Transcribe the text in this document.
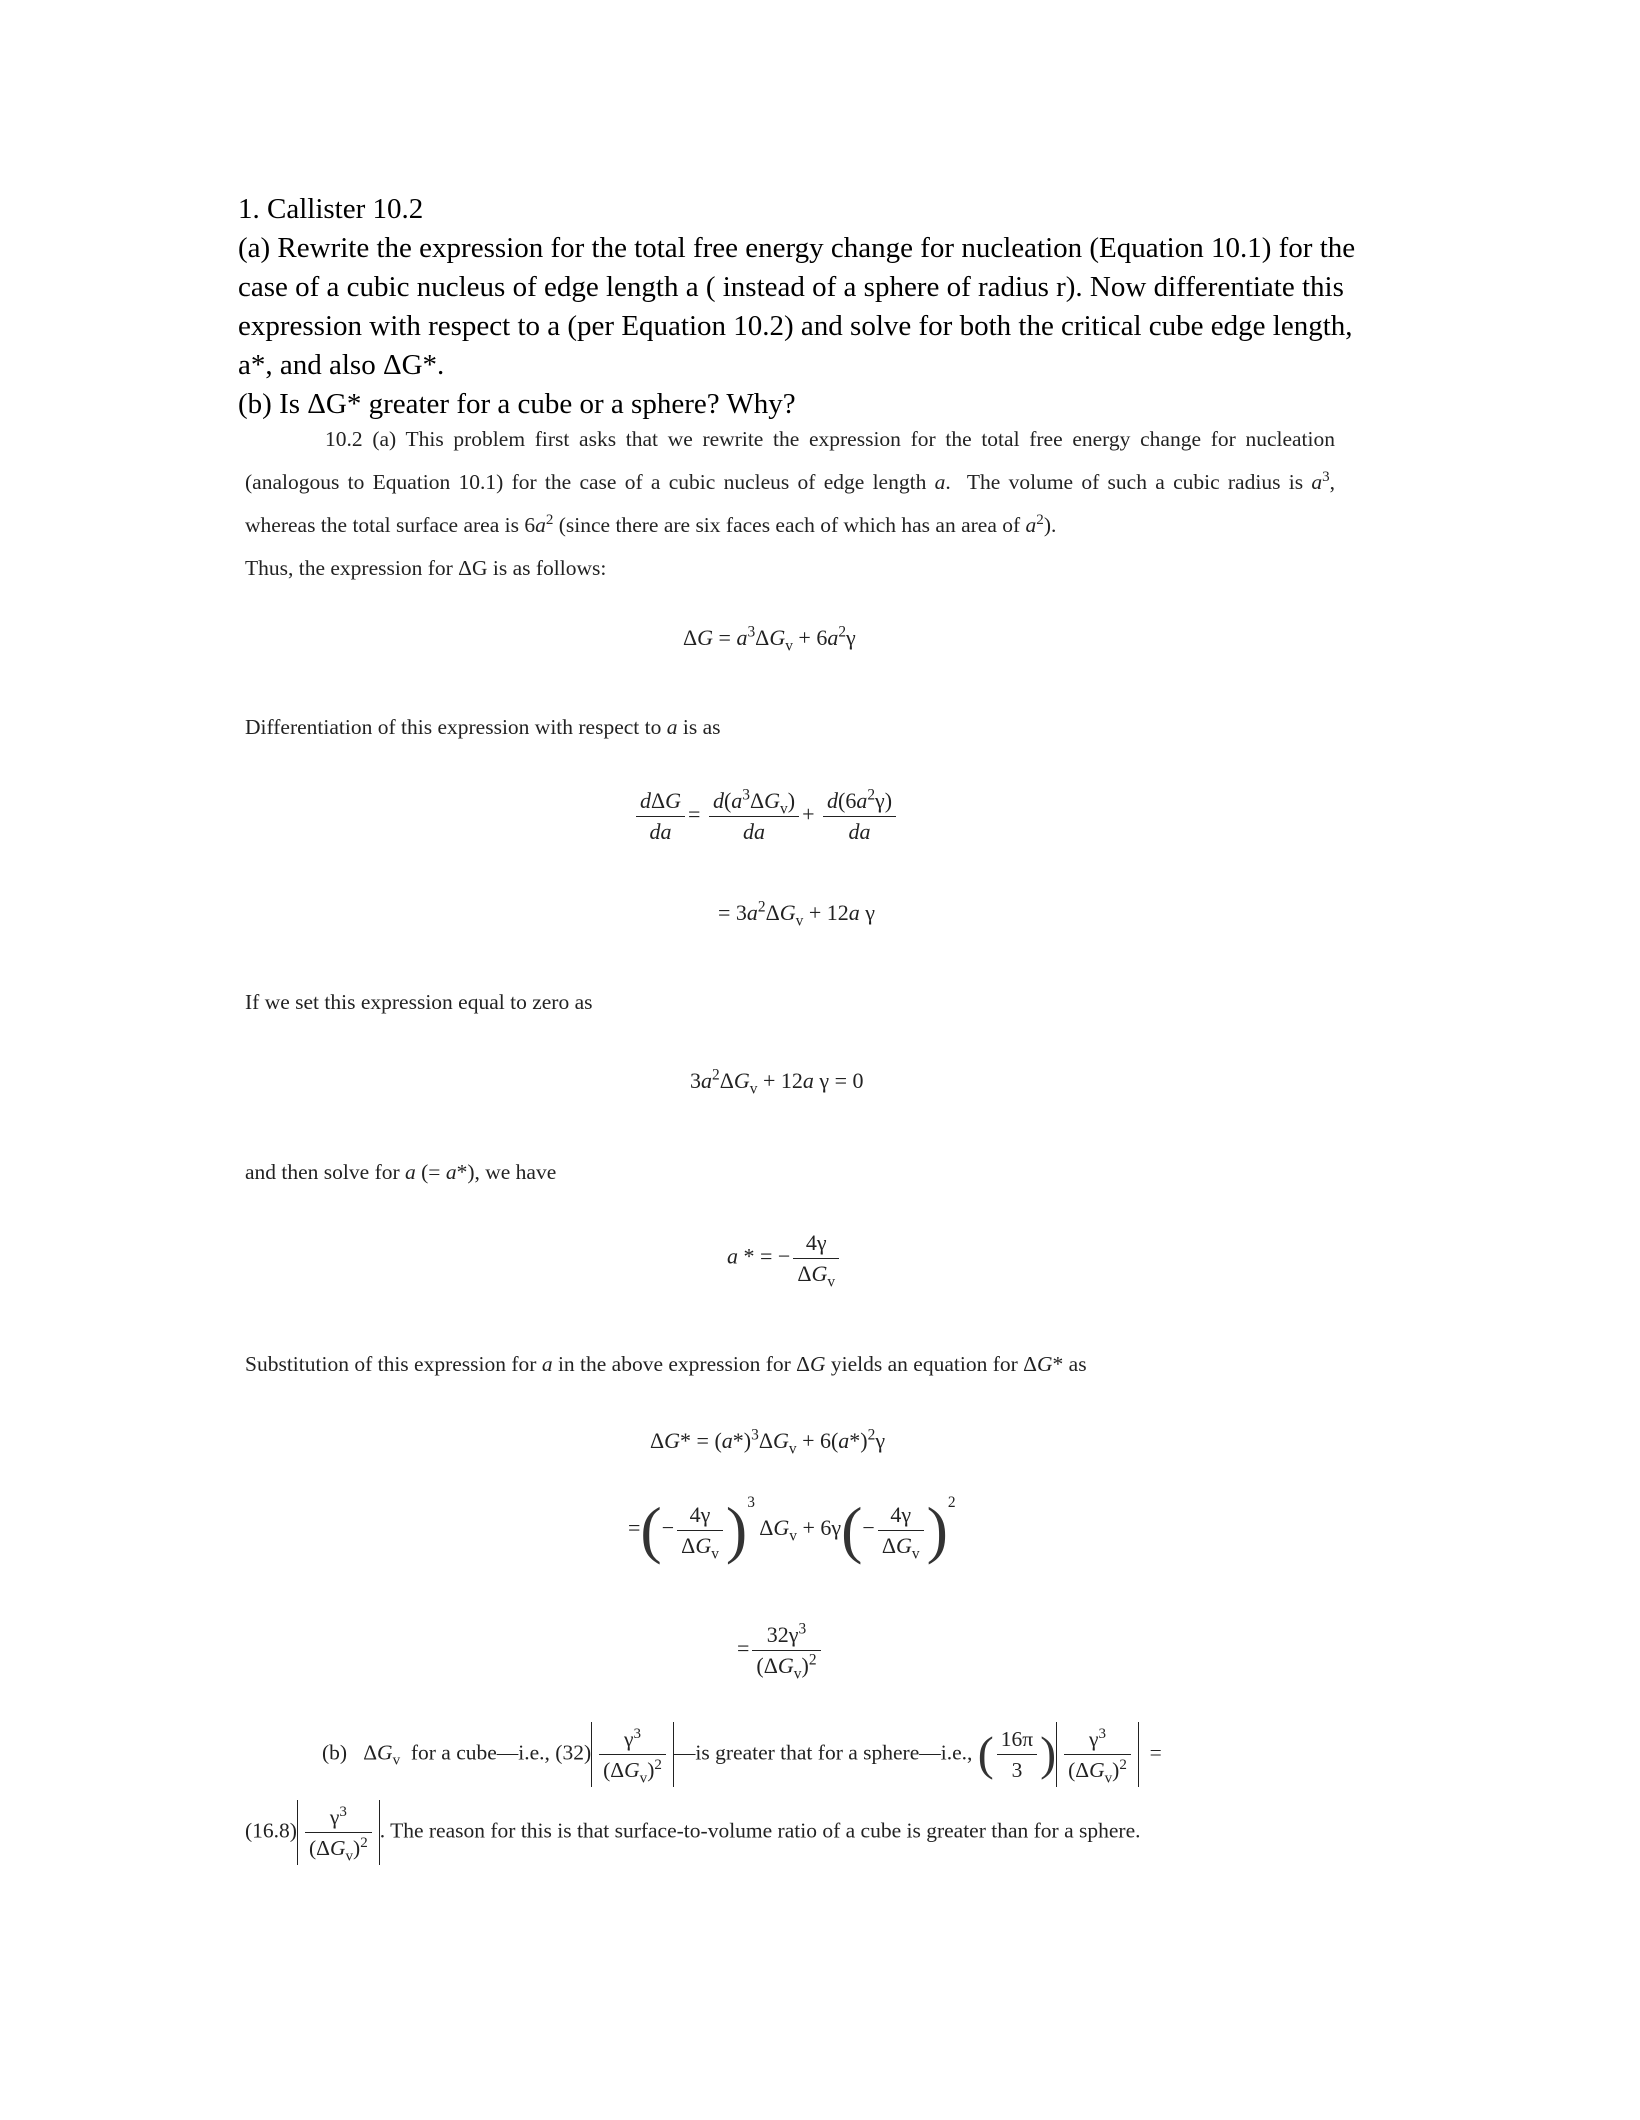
1. Callister 10.2

(a) Rewrite the expression for the total free energy change for nucleation (Equation 10.1) for the case of a cubic nucleus of edge length a ( instead of a sphere of radius r). Now differentiate this expression with respect to a (per Equation 10.2) and solve for both the critical cube edge length, a*, and also ΔG*.

(b) Is ΔG* greater for a cube or a sphere? Why?

10.2 (a) This problem first asks that we rewrite the expression for the total free energy change for nucleation (analogous to Equation 10.1) for the case of a cubic nucleus of edge length a.  The volume of such a cubic radius is $a^3$, whereas the total surface area is $6a^2$ (since there are six faces each of which has an area of $a^2$).
Thus, the expression for ΔG is as follows:
$\Delta G = a^3\Delta G_v + 6a^2\gamma$
Differentiation of this expression with respect to a is as
$\frac{\text{dΔG}}{da} = \frac{d(a^3\Delta G_v)}{da} + \frac{d(6a^2\gamma)}{da}$
= $3a^2\Delta G_v + 12a$ γ
If we set this expression equal to zero as
$3a^2\Delta G_v + 12a$ γ = 0
and then solve for a (= a*), we have
a * = − $\frac{4\gamma}{\Delta G_v}$
Substitution of this expression for a in the above expression for ΔG yields an equation for ΔG* as
$\Delta G* = (a*)^3\Delta G_v + 6(a*)^2\gamma$
=(− $\frac{4\gamma}{\Delta G_v} )^3$ $\Delta G_v + 6\gamma(- \frac{4\gamma}{\Delta G_v} )^2$
= $\frac{32\gamma^3}{(\Delta G_v)^2}$
(b)   $\Delta G_v$ for a cube—i.e., $(32) \frac{\gamma^3}{(\Delta G_v)^2}$ —is greater that for a sphere—i.e., ( $\frac{16\pi}{3}$ ) $\frac{\gamma^3}{(\Delta G_v)^2}$ =
$(16.8) \frac{\gamma^3}{(\Delta G_v)^2}$ . The reason for this is that surface-to-volume ratio of a cube is greater than for a sphere.
